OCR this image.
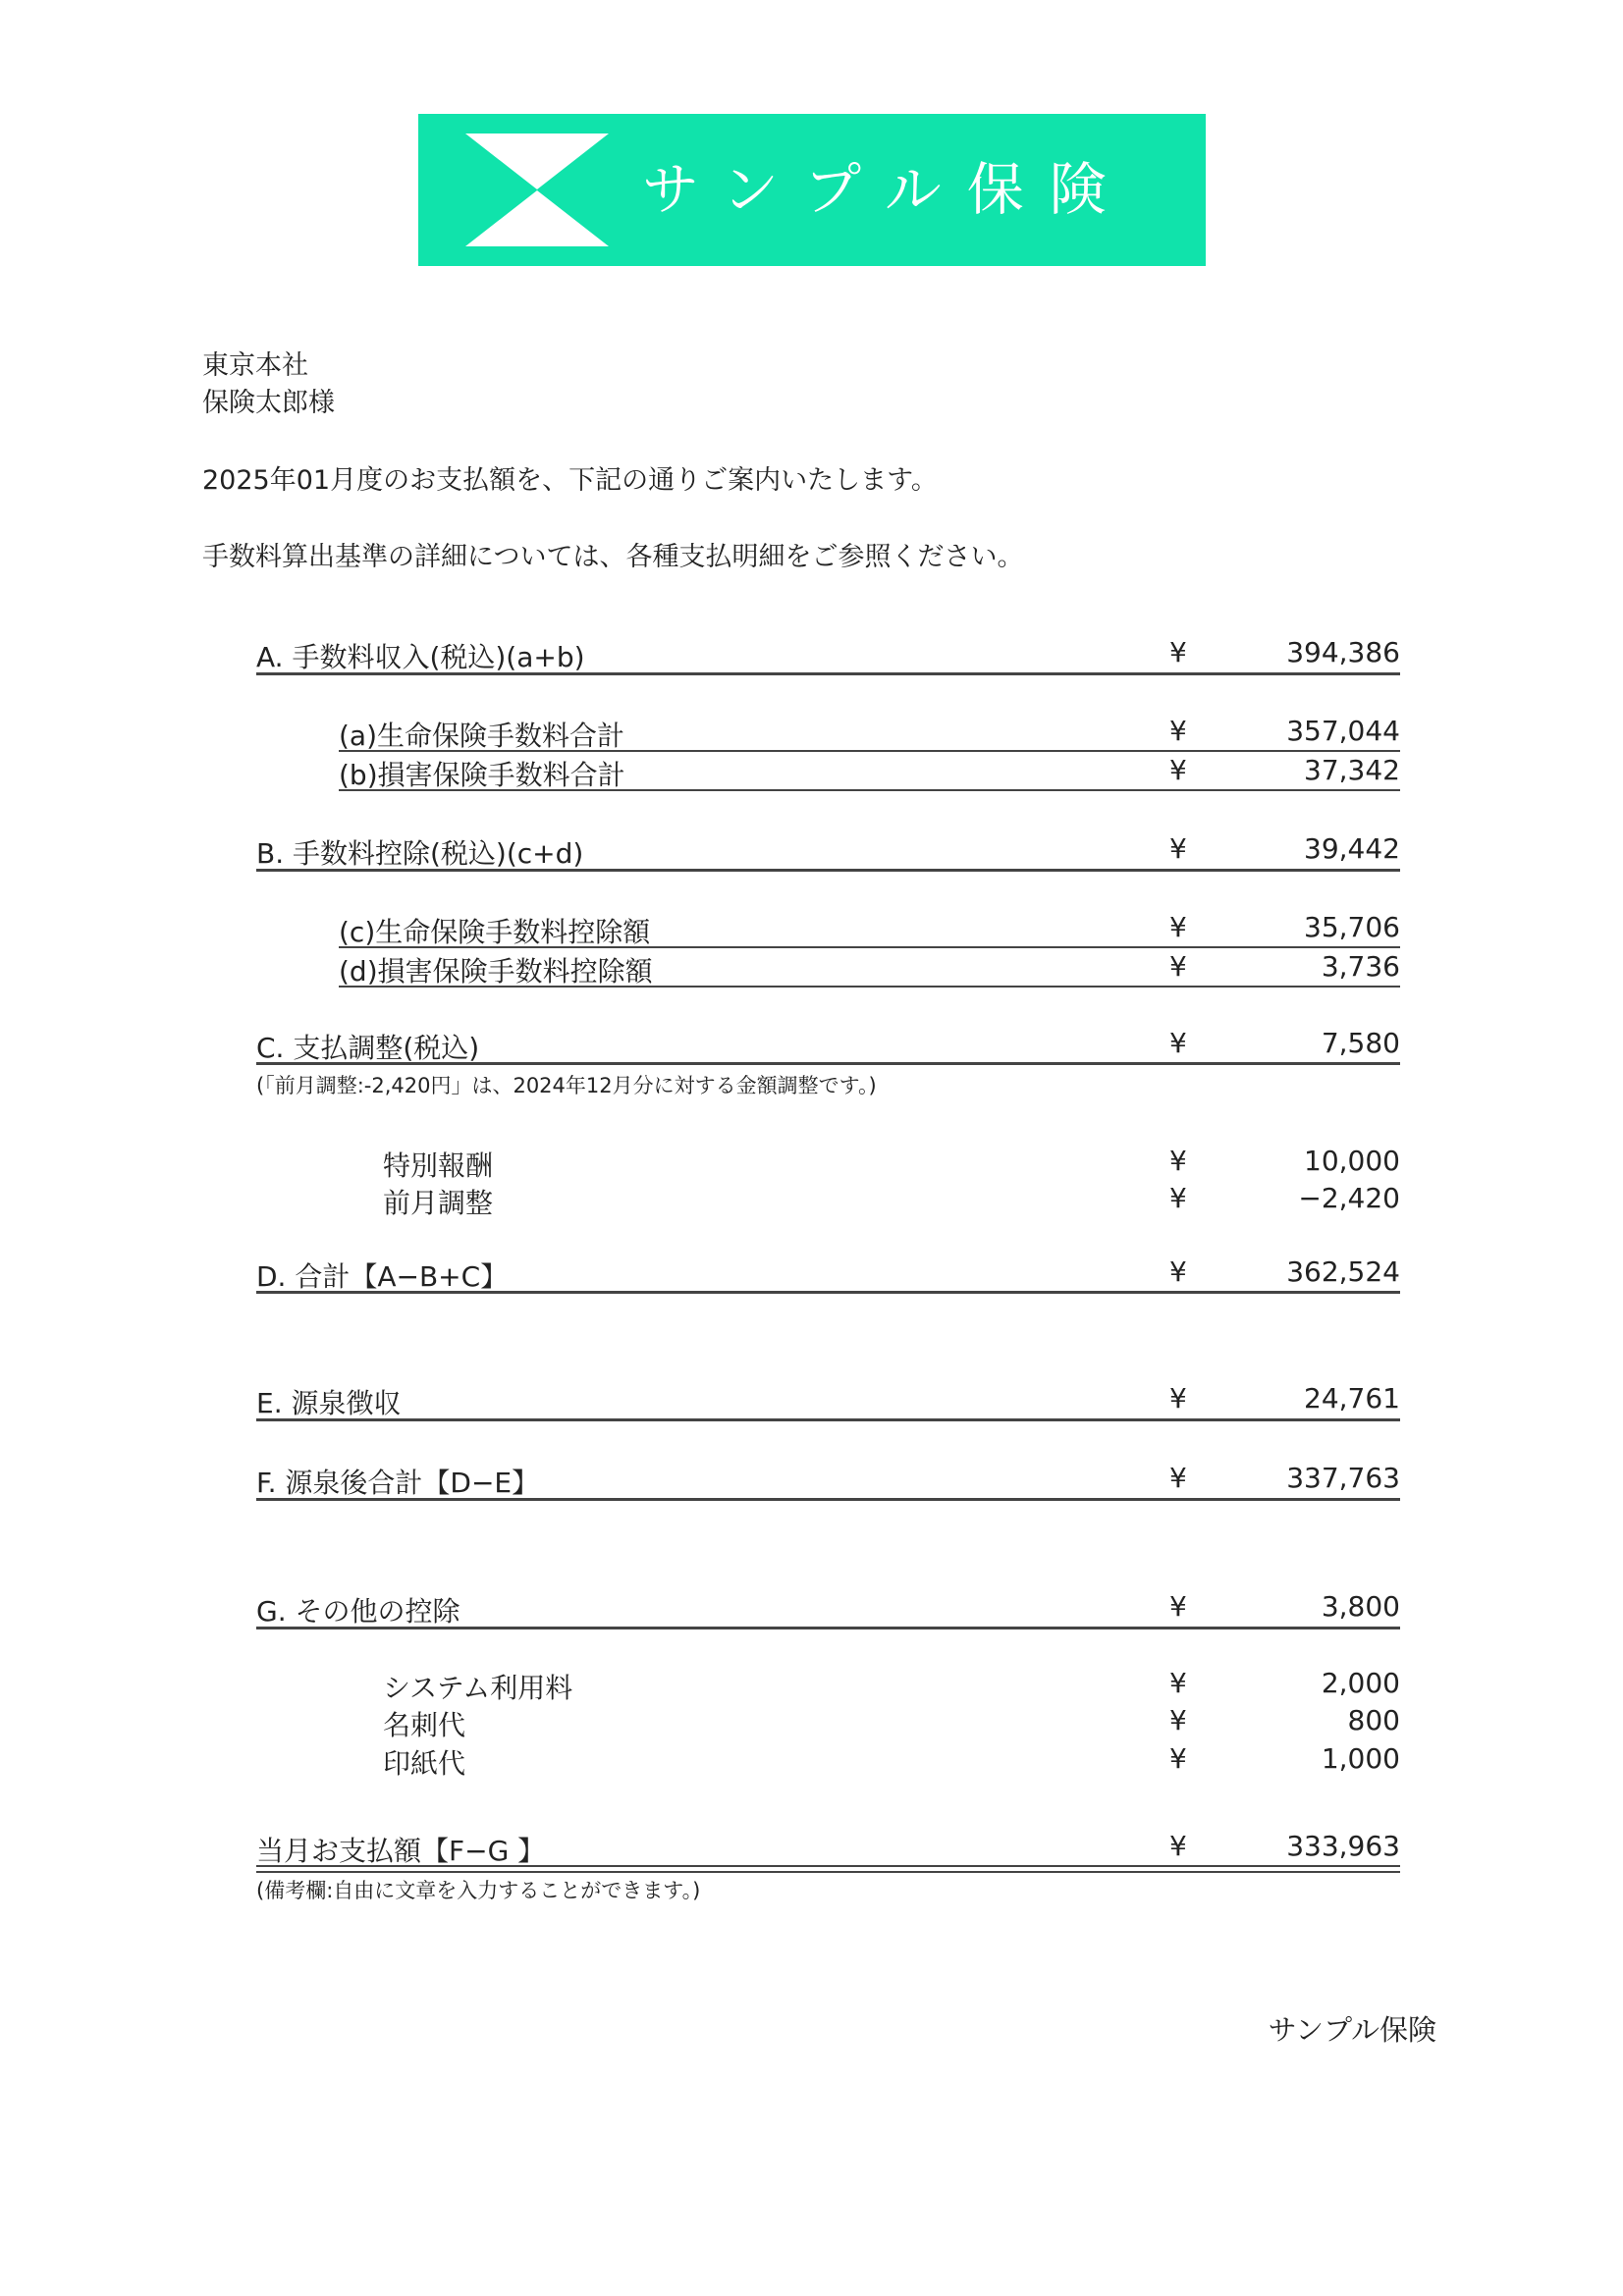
サンプル保険
東京本社
保険太郎様
2025年01月度のお支払額を、下記の通りご案内いたします。
手数料算出基準の詳細については、各種支払明細をご参照ください。
A. 手数料収入(税込)(a+b)	¥	394,386
(a)生命保険手数料合計	¥	357,044
(b)損害保険手数料合計	¥	37,342
B. 手数料控除(税込)(c+d)	¥	39,442
(c)生命保険手数料控除額	¥	35,706
(d)損害保険手数料控除額	¥	3,736
C. 支払調整(税込)	¥	7,580
(「前月調整:-2,420円」は、2024年12月分に対する金額調整です。)
特別報酬	¥	10,000
前月調整	¥	−2,420
D. 合計【A−B+C】	¥	362,524
E. 源泉徴収	¥	24,761
F. 源泉後合計【D−E】	¥	337,763
G. その他の控除	¥	3,800
システム利用料	¥	2,000
名刺代	¥	800
印紙代	¥	1,000
当月お支払額【F−G 】	¥	333,963
(備考欄:自由に文章を入力することができます。)
サンプル保険
